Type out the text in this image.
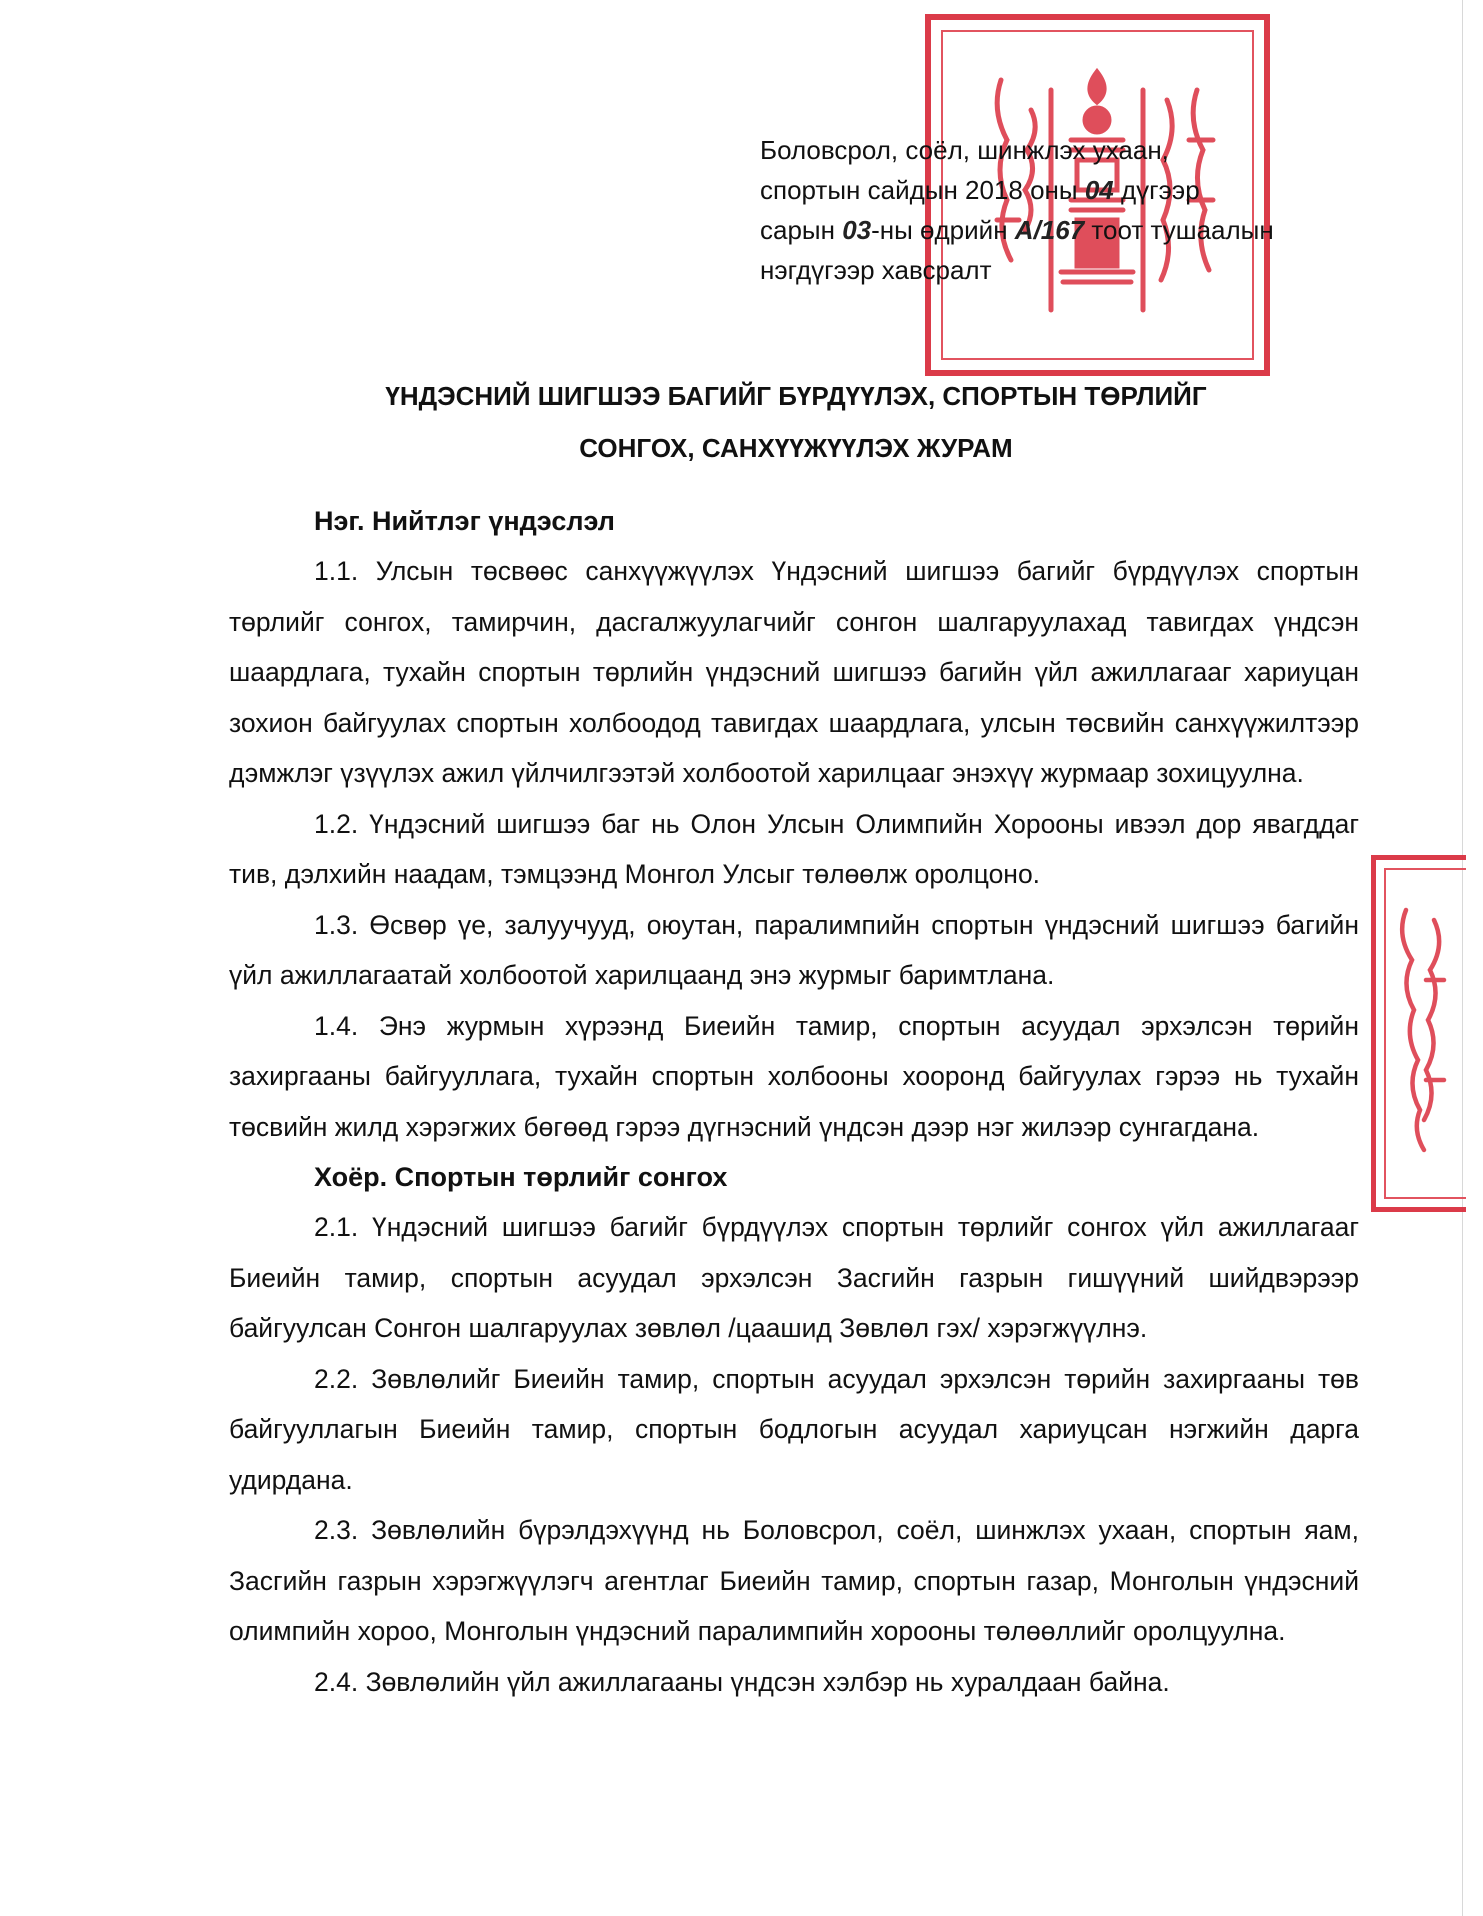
Боловсрол, соёл, шинжлэх ухаан,
спортын сайдын 2018 оны 04 дүгээр
сарын 03-ны өдрийн А/167 тоот тушаалын
нэгдүгээр хавсралт
ҮНДЭСНИЙ ШИГШЭЭ БАГИЙГ БҮРДҮҮЛЭХ, СПОРТЫН ТӨРЛИЙГ
СОНГОХ, САНХҮҮЖҮҮЛЭХ ЖУРАМ
Нэг. Нийтлэг үндэслэл

1.1. Улсын төсвөөс санхүүжүүлэх Үндэсний шигшээ багийг бүрдүүлэх спортын төрлийг сонгох, тамирчин, дасгалжуулагчийг сонгон шалгаруулахад тавигдах үндсэн шаардлага, тухайн спортын төрлийн үндэсний шигшээ багийн үйл ажиллагааг хариуцан зохион байгуулах спортын холбоодод тавигдах шаардлага, улсын төсвийн санхүүжилтээр дэмжлэг үзүүлэх ажил үйлчилгээтэй холбоотой харилцааг энэхүү журмаар зохицуулна.

1.2. Үндэсний шигшээ баг нь Олон Улсын Олимпийн Хорооны ивээл дор явагддаг тив, дэлхийн наадам, тэмцээнд Монгол Улсыг төлөөлж оролцоно.

1.3. Өсвөр үе, залуучууд, оюутан, паралимпийн спортын үндэсний шигшээ багийн үйл ажиллагаатай холбоотой харилцаанд энэ журмыг баримтлана.

1.4. Энэ журмын хүрээнд Биеийн тамир, спортын асуудал эрхэлсэн төрийн захиргааны байгууллага, тухайн спортын холбооны хооронд байгуулах гэрээ нь тухайн төсвийн жилд хэрэгжих бөгөөд гэрээ дүгнэсний үндсэн дээр нэг жилээр сунгагдана.

Хоёр. Спортын төрлийг сонгох

2.1. Үндэсний шигшээ багийг бүрдүүлэх спортын төрлийг сонгох үйл ажиллагааг Биеийн тамир, спортын асуудал эрхэлсэн Засгийн газрын гишүүний шийдвэрээр байгуулсан Сонгон шалгаруулах зөвлөл /цаашид Зөвлөл гэх/ хэрэгжүүлнэ.

2.2. Зөвлөлийг Биеийн тамир, спортын асуудал эрхэлсэн төрийн захиргааны төв байгууллагын Биеийн тамир, спортын бодлогын асуудал хариуцсан нэгжийн дарга удирдана.

2.3. Зөвлөлийн бүрэлдэхүүнд нь Боловсрол, соёл, шинжлэх ухаан, спортын яам, Засгийн газрын хэрэгжүүлэгч агентлаг Биеийн тамир, спортын газар, Монголын үндэсний олимпийн хороо, Монголын үндэсний паралимпийн хорооны төлөөллийг оролцуулна.

2.4. Зөвлөлийн үйл ажиллагааны үндсэн хэлбэр нь хуралдаан байна.
